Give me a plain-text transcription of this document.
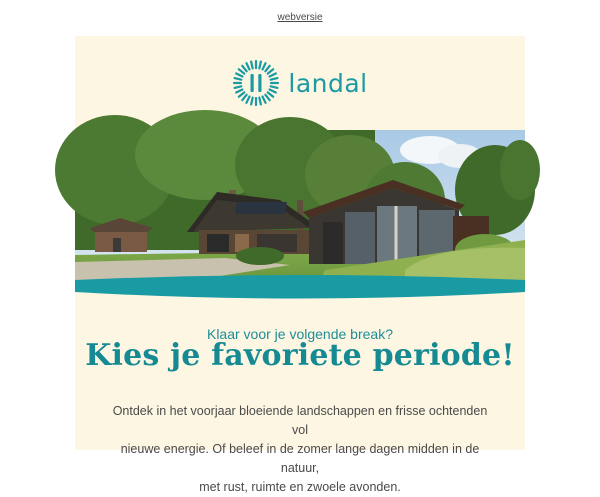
webversie
landal
Klaar voor je volgende break?
Kies je favoriete periode!
Ontdek in het voorjaar bloeiende landschappen en frisse ochtenden vol
nieuwe energie. Of beleef in de zomer lange dagen midden in de natuur,
met rust, ruimte en zwoele avonden.
